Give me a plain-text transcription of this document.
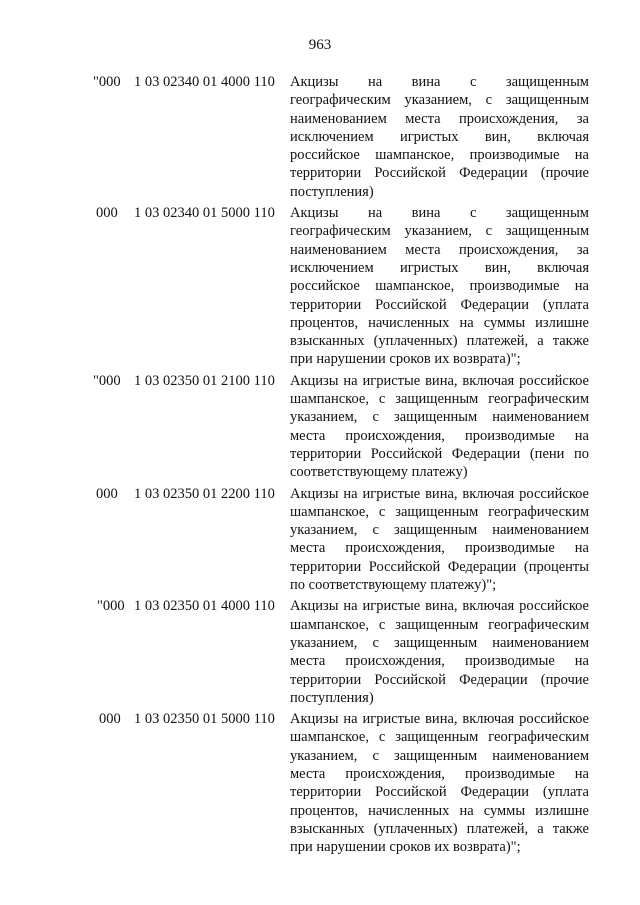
963
"000 1 03 02340 01 4000 110 Акцизы на вина с защищенным географическим указанием, с защищенным наименованием места происхождения, за исключением игристых вин, включая российское шампанское, производимые на территории Российской Федерации (прочие поступления)
000 1 03 02340 01 5000 110 Акцизы на вина с защищенным географическим указанием, с защищенным наименованием места происхождения, за исключением игристых вин, включая российское шампанское, производимые на территории Российской Федерации (уплата процентов, начисленных на суммы излишне взысканных (уплаченных) платежей, а также при нарушении сроков их возврата)";
"000 1 03 02350 01 2100 110 Акцизы на игристые вина, включая российское шампанское, с защищенным географическим указанием, с защищенным наименованием места происхождения, производимые на территории Российской Федерации (пени по соответствующему платежу)
000 1 03 02350 01 2200 110 Акцизы на игристые вина, включая российское шампанское, с защищенным географическим указанием, с защищенным наименованием места происхождения, производимые на территории Российской Федерации (проценты по соответствующему платежу)";
"000 1 03 02350 01 4000 110 Акцизы на игристые вина, включая российское шампанское, с защищенным географическим указанием, с защищенным наименованием места происхождения, производимые на территории Российской Федерации (прочие поступления)
000 1 03 02350 01 5000 110 Акцизы на игристые вина, включая российское шампанское, с защищенным географическим указанием, с защищенным наименованием места происхождения, производимые на территории Российской Федерации (уплата процентов, начисленных на суммы излишне взысканных (уплаченных) платежей, а также при нарушении сроков их возврата)";
